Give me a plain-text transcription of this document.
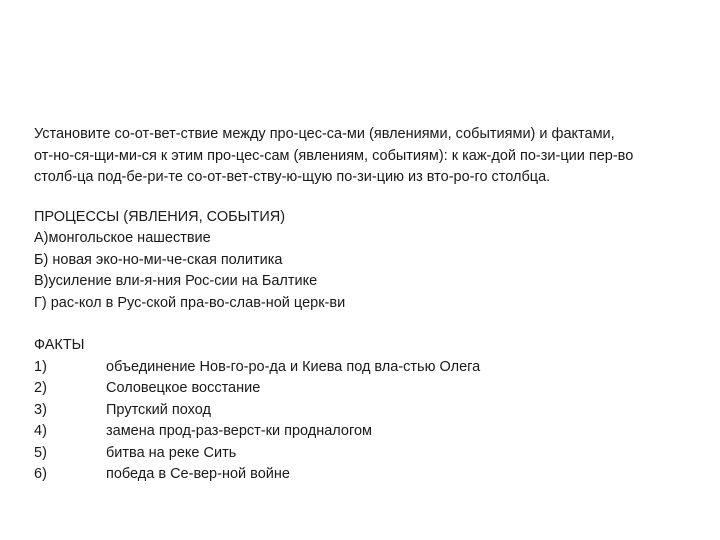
Установите со-от-вет-ствие между про-цес-са-ми (явлениями, событиями) и фактами,
от-но-ся-щи-ми-ся к этим про-цес-сам (явлениям, событиям): к каж-дой по-зи-ции пер-во
столб-ца под-бе-ри-те со-от-вет-ству-ю-щую по-зи-цию из вто-ро-го столбца.
ПРОЦЕССЫ (ЯВЛЕНИЯ, СОБЫТИЯ)
А)монгольское нашествие
Б) новая эко-но-ми-че-ская политика
В)усиление вли-я-ния Рос-сии на Балтике
Г) рас-кол в Рус-ской пра-во-слав-ной церк-ви
ФАКТЫ
1)	объединение Нов-го-ро-да и Киева под вла-стью Олега
2)	Соловецкое восстание
3)	Прутский поход
4)	замена прод-раз-верст-ки продналогом
5)	битва на реке Сить
6)	победа в Се-вер-ной войне
